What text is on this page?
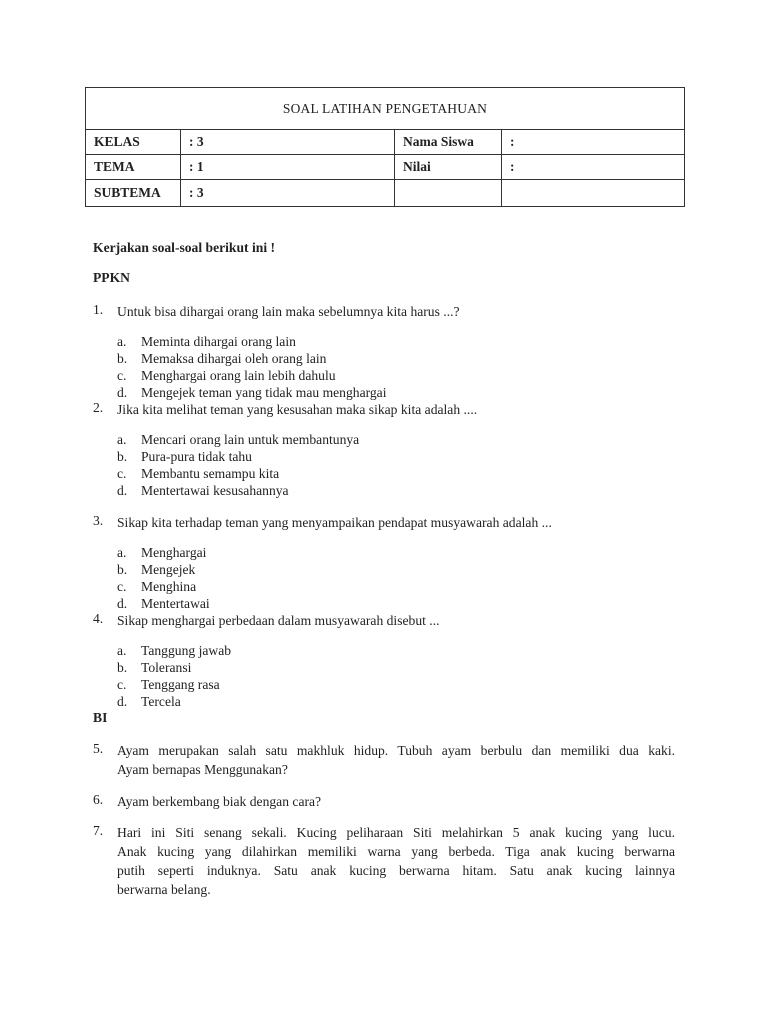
SOAL LATIHAN PENGETAHUAN			
KELAS	: 3	Nama Siswa	:
TEMA	: 1	Nilai	:
SUBTEMA	: 3		
Kerjakan soal-soal berikut ini !
PPKN
1. Untuk bisa dihargai orang lain maka sebelumnya kita harus ...?
a. Meminta dihargai orang lain
b. Memaksa dihargai oleh orang lain
c. Menghargai orang lain lebih dahulu
d. Mengejek teman yang tidak mau menghargai
2. Jika kita melihat teman yang kesusahan maka sikap kita adalah ....
a. Mencari orang lain untuk membantunya
b. Pura-pura tidak tahu
c. Membantu semampu kita
d. Mentertawai kesusahannya
3. Sikap kita terhadap teman yang menyampaikan pendapat musyawarah adalah ...
a. Menghargai
b. Mengejek
c. Menghina
d. Mentertawai
4. Sikap menghargai perbedaan dalam musyawarah disebut ...
a. Tanggung jawab
b. Toleransi
c. Tenggang rasa
d. Tercela
BI
5. Ayam merupakan salah satu makhluk hidup. Tubuh ayam berbulu dan memiliki dua kaki.
Ayam bernapas Menggunakan?
6. Ayam berkembang biak dengan cara?
7. Hari ini Siti senang sekali. Kucing peliharaan Siti melahirkan 5 anak kucing yang lucu.
Anak kucing yang dilahirkan memiliki warna yang berbeda. Tiga anak kucing berwarna
putih seperti induknya. Satu anak kucing berwarna hitam. Satu anak kucing lainnya
berwarna belang.
